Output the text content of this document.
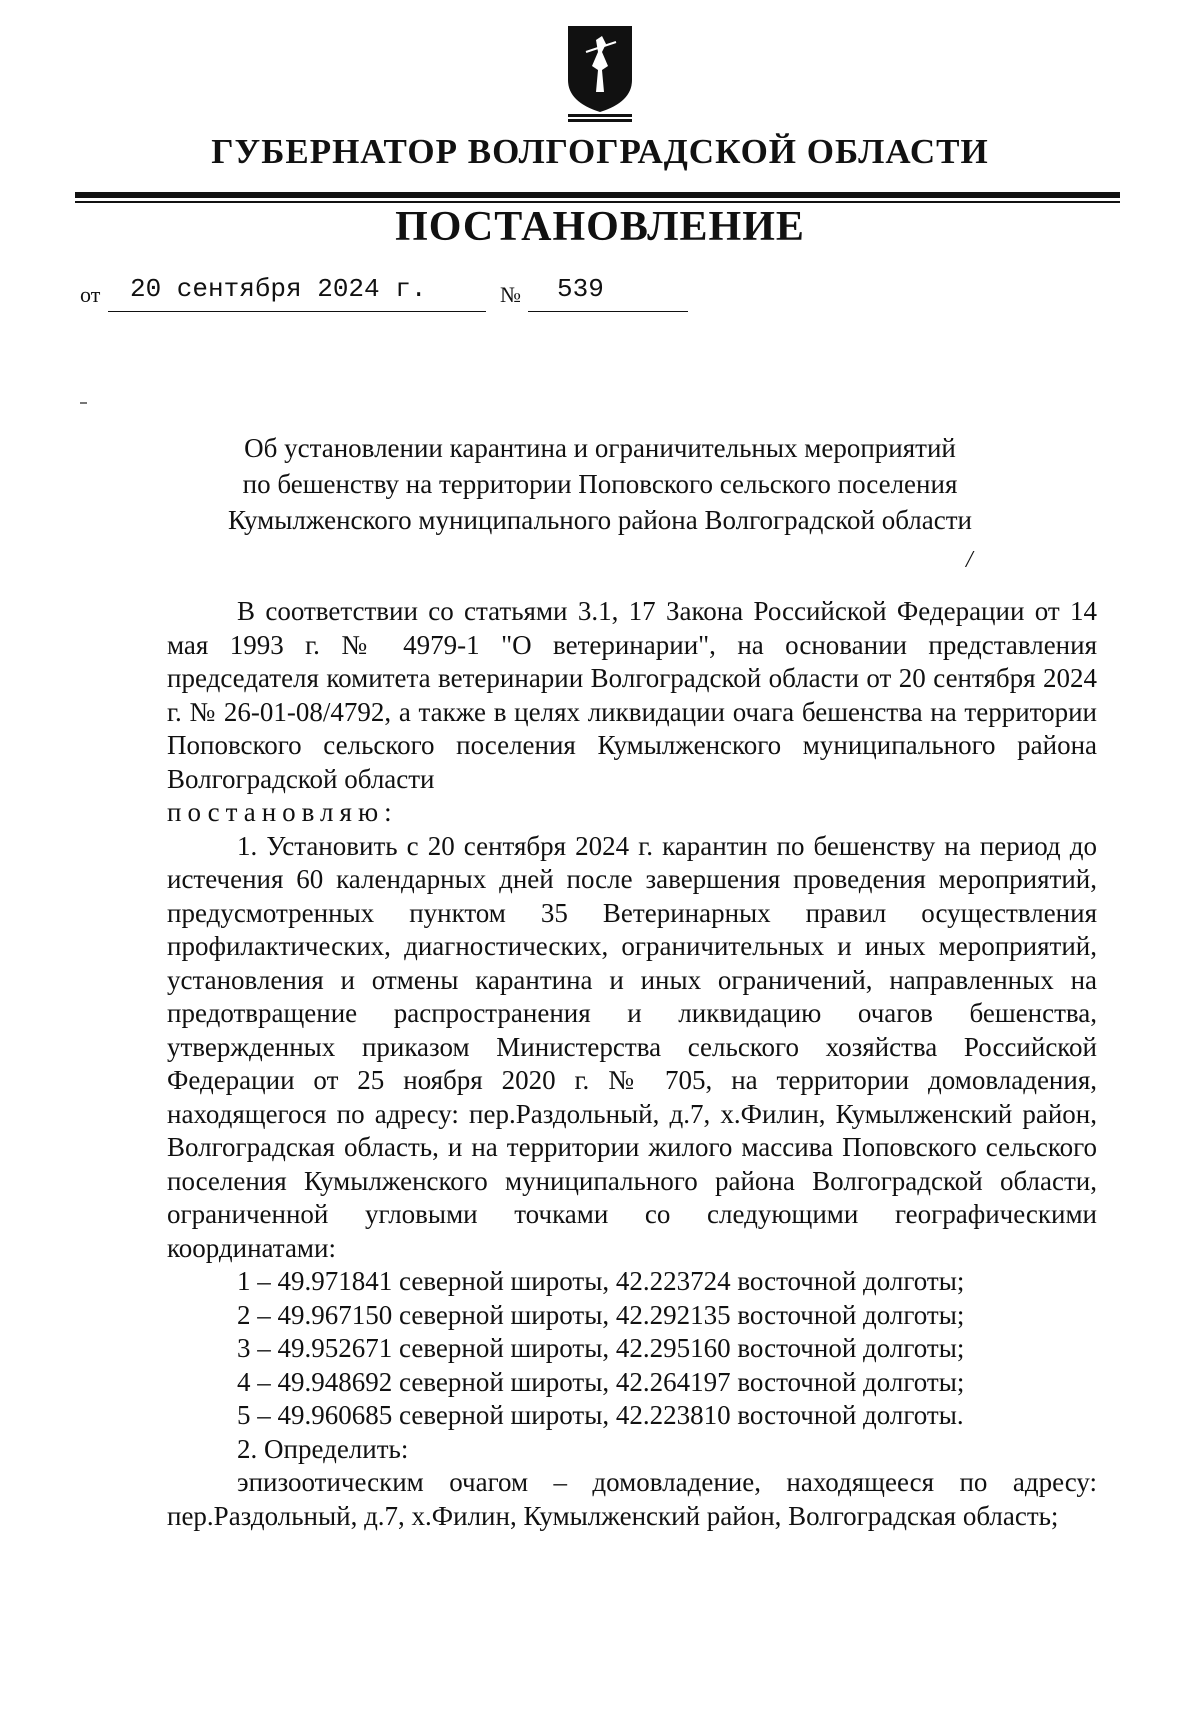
ГУБЕРНАТОР ВОЛГОГРАДСКОЙ ОБЛАСТИ
ПОСТАНОВЛЕНИЕ
от 20 сентября 2024 г.	№ 539
Об установлении карантина и ограничительных мероприятий
по бешенству на территории Поповского сельского поселения
Кумылженского муниципального района Волгоградской области
/

В соответствии со статьями 3.1, 17 Закона Российской Федерации от 14 мая 1993 г. № 4979-1 "О ветеринарии", на основании представления председателя комитета ветеринарии Волгоградской области от 20 сентября 2024 г. № 26-01-08/4792, а также в целях ликвидации очага бешенства на территории Поповского сельского поселения Кумылженского муниципального района Волгоградской области

постановляю:

1. Установить с 20 сентября 2024 г. карантин по бешенству на период до истечения 60 календарных дней после завершения проведения мероприятий, предусмотренных пунктом 35 Ветеринарных правил осуществления профилактических, диагностических, ограничительных и иных мероприятий, установления и отмены карантина и иных ограничений, направленных на предотвращение распространения и ликвидацию очагов бешенства, утвержденных приказом Министерства сельского хозяйства Российской Федерации от 25 ноября 2020 г. № 705, на территории домовладения, находящегося по адресу: пер.Раздольный, д.7, х.Филин, Кумылженский район, Волгоградская область, и на территории жилого массива Поповского сельского поселения Кумылженского муниципального района Волгоградской области, ограниченной угловыми точками со следующими географическими координатами:

1 – 49.971841 северной широты, 42.223724 восточной долготы;

2 – 49.967150 северной широты, 42.292135 восточной долготы;

3 – 49.952671 северной широты, 42.295160 восточной долготы;

4 – 49.948692 северной широты, 42.264197 восточной долготы;

5 – 49.960685 северной широты, 42.223810 восточной долготы.

2. Определить:

эпизоотическим очагом – домовладение, находящееся по адресу: пер.Раздольный, д.7, х.Филин, Кумылженский район, Волгоградская область;
